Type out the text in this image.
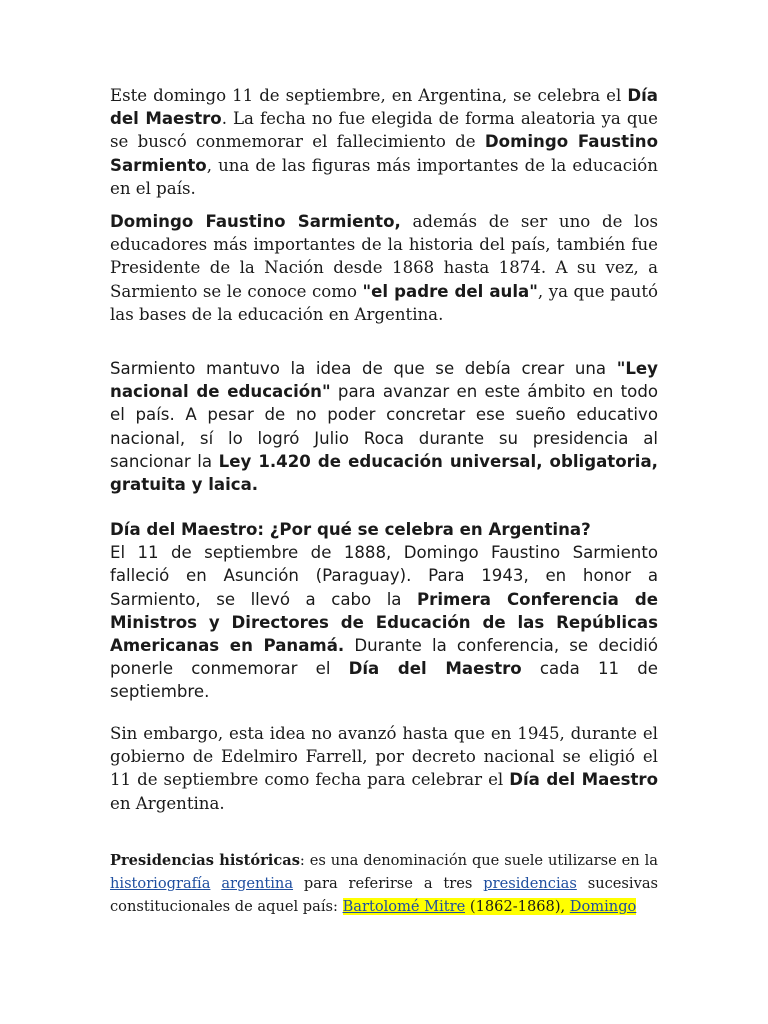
Este domingo 11 de septiembre, en Argentina, se celebra el Día del Maestro. La fecha no fue elegida de forma aleatoria ya que se buscó conmemorar el fallecimiento de Domingo Faustino Sarmiento, una de las figuras más importantes de la educación en el país.

Domingo Faustino Sarmiento, además de ser uno de los educadores más importantes de la historia del país, también fue Presidente de la Nación desde 1868 hasta 1874. A su vez, a Sarmiento se le conoce como "el padre del aula", ya que pautó las bases de la educación en Argentina.

Sarmiento mantuvo la idea de que se debía crear una "Ley nacional de educación" para avanzar en este ámbito en todo el país. A pesar de no poder concretar ese sueño educativo nacional, sí lo logró Julio Roca durante su presidencia al sancionar la Ley 1.420 de educación universal, obligatoria, gratuita y laica.

Día del Maestro: ¿Por qué se celebra en Argentina?
El 11 de septiembre de 1888, Domingo Faustino Sarmiento falleció en Asunción (Paraguay). Para 1943, en honor a Sarmiento, se llevó a cabo la Primera Conferencia de Ministros y Directores de Educación de las Repúblicas Americanas en Panamá. Durante la conferencia, se decidió ponerle conmemorar el Día del Maestro cada 11 de septiembre.

Sin embargo, esta idea no avanzó hasta que en 1945, durante el gobierno de Edelmiro Farrell, por decreto nacional se eligió el 11 de septiembre como fecha para celebrar el Día del Maestro en Argentina.

Presidencias históricas: es una denominación que suele utilizarse en la historiografía argentina para referirse a tres presidencias sucesivas constitucionales de aquel país: Bartolomé Mitre (1862-1868), Domingo
